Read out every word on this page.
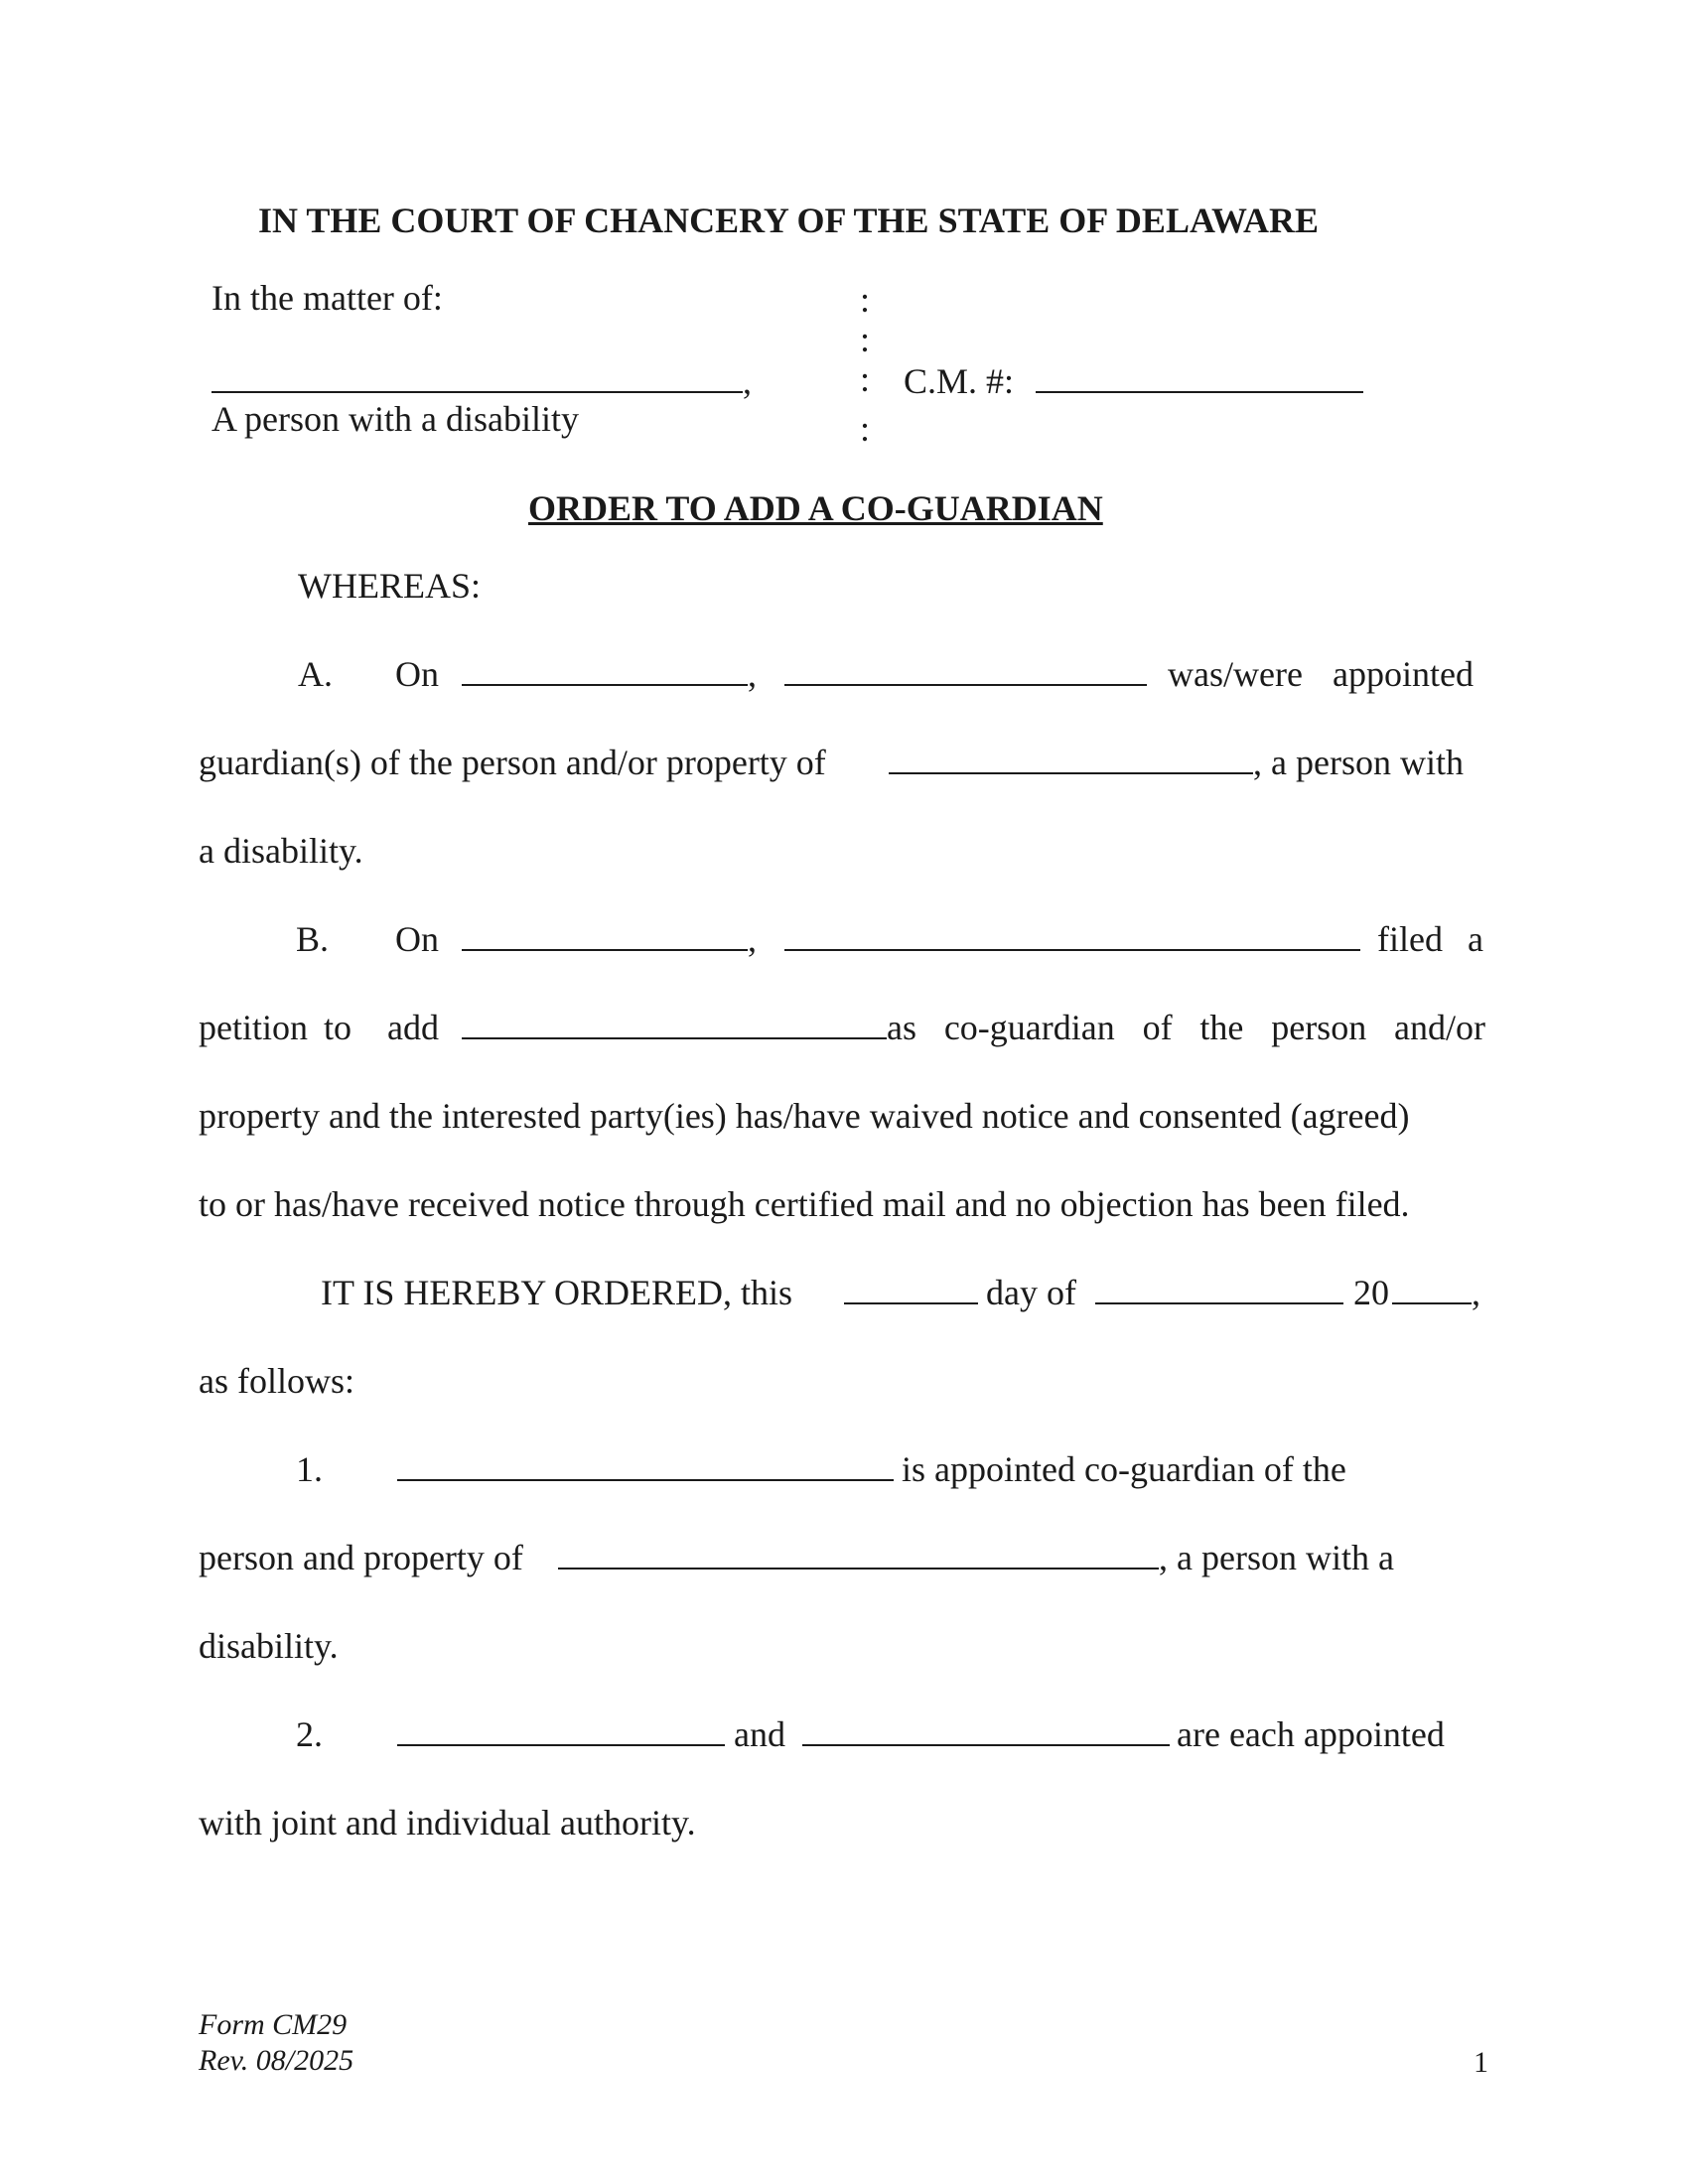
IN THE COURT OF CHANCERY OF THE STATE OF DELAWARE
In the matter of:
,
A person with a disability
:
:
:
:
C.M. #:
ORDER TO ADD A CO-GUARDIAN
WHEREAS:
A. On	,	was/were appointed
guardian(s) of the person and/or property of	, a person with
a disability.
B. On	,	filed a
petition to add	as co-guardian of the person and/or
property and the interested party(ies) has/have waived notice and consented (agreed)
to or has/have received notice through certified mail and no objection has been filed.
IT IS HEREBY ORDERED, this	day of	20	,
as follows:
1.	is appointed co-guardian of the
person and property of	, a person with a
disability.
2.	and	are each appointed
with joint and individual authority.
Form CM29
Rev. 08/2025	1
